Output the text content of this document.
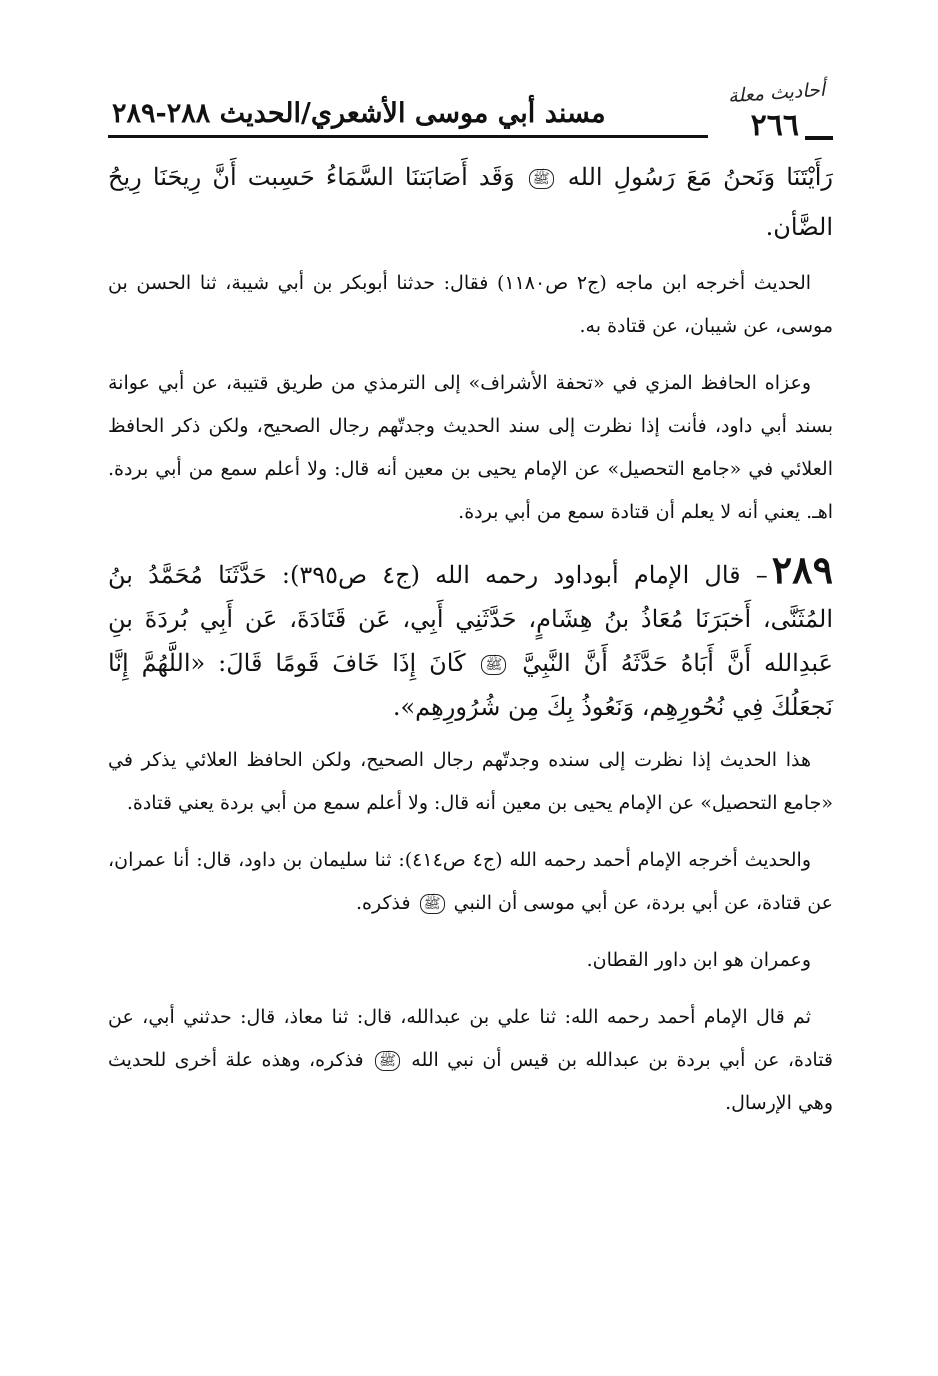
أحاديث معلة
٢٦٦
مسند أبي موسى الأشعري/الحديث ٢٨٨-٢٨٩

رَأَيْتَنَا وَنَحنُ مَعَ رَسُولِ الله ﷺ وَقَد أَصَابَتنَا السَّمَاءُ حَسِبت أَنَّ رِيحَنَا رِيحُ الضَّأن.

الحديث أخرجه ابن ماجه (ج٢ ص١١٨٠) فقال: حدثنا أبوبكر بن أبي شيبة، ثنا الحسن بن موسى، عن شيبان، عن قتادة به.

وعزاه الحافظ المزي في «تحفة الأشراف» إلى الترمذي من طريق قتيبة، عن أبي عوانة بسند أبي داود، فأنت إذا نظرت إلى سند الحديث وجدتّهم رجال الصحيح، ولكن ذكر الحافظ العلائي في «جامع التحصيل» عن الإمام يحيى بن معين أنه قال: ولا أعلم سمع من أبي بردة. اهـ. يعني أنه لا يعلم أن قتادة سمع من أبي بردة.

٢٨٩– قال الإمام أبوداود رحمه الله (ج٤ ص٣٩٥): حَدَّثَنَا مُحَمَّدُ بنُ المُثَنَّى، أَخبَرَنَا مُعَاذُ بنُ هِشَامٍ، حَدَّثَنِي أَبِي، عَن قَتَادَةَ، عَن أَبِي بُردَةَ بنِ عَبدِالله أَنَّ أَبَاهُ حَدَّثَهُ أَنَّ النَّبِيَّ ﷺ كَانَ إِذَا خَافَ قَومًا قَالَ: «اللَّهُمَّ إِنَّا نَجعَلُكَ فِي نُحُورِهِم، وَنَعُوذُ بِكَ مِن شُرُورِهِم».

هذا الحديث إذا نظرت إلى سنده وجدتّهم رجال الصحيح، ولكن الحافظ العلائي يذكر في «جامع التحصيل» عن الإمام يحيى بن معين أنه قال: ولا أعلم سمع من أبي بردة يعني قتادة.

والحديث أخرجه الإمام أحمد رحمه الله (ج٤ ص٤١٤): ثنا سليمان بن داود، قال: أنا عمران، عن قتادة، عن أبي بردة، عن أبي موسى أن النبي ﷺ فذكره.

وعمران هو ابن داور القطان.

ثم قال الإمام أحمد رحمه الله: ثنا علي بن عبدالله، قال: ثنا معاذ، قال: حدثني أبي، عن قتادة، عن أبي بردة بن عبدالله بن قيس أن نبي الله ﷺ فذكره، وهذه علة أخرى للحديث وهي الإرسال.
